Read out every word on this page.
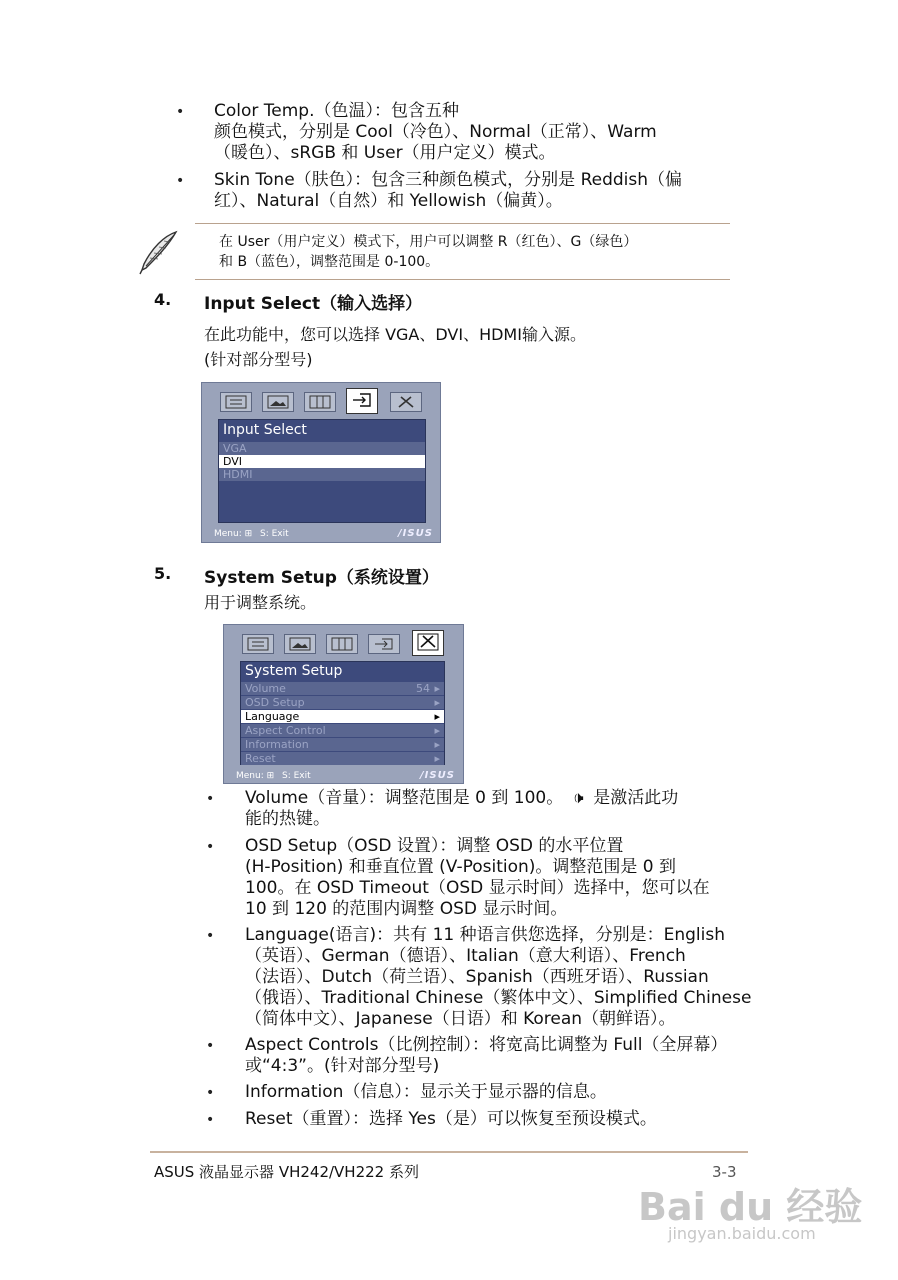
• Color Temp.（色温）：包含五种
颜色模式，分别是 Cool（冷色）、Normal（正常）、Warm
（暖色）、sRGB 和 User（用户定义）模式。
• Skin Tone（肤色）：包含三种颜色模式，分别是 Reddish（偏
红）、Natural（自然）和 Yellowish（偏黄）。
在 User（用户定义）模式下，用户可以调整 R（红色）、G（绿色）
和 B（蓝色），调整范围是 0-100。
4. Input Select（输入选择）
在此功能中，您可以选择 VGA、DVI、HDMI输入源。
(针对部分型号)
Input Select
VGA
DVI
HDMI
Menu: ⊞ S: Exit	/ISUS
5. System Setup（系统设置）
用于调整系统。
System Setup
Volume	54 ▸
OSD Setup	▸
Language	▸
Aspect Control	▸
Information	▸
Reset	▸
Menu: ⊞ S: Exit	/ISUS
• Volume（音量）：调整范围是 0 到 100。 🕩 是激活此功
能的热键。
• OSD Setup（OSD 设置）：调整 OSD 的水平位置
(H-Position) 和垂直位置 (V-Position)。调整范围是 0 到
100。在 OSD Timeout（OSD 显示时间）选择中，您可以在
10 到 120 的范围内调整 OSD 显示时间。
• Language(语言)：共有 11 种语言供您选择，分别是：English
（英语）、German（德语）、Italian（意大利语）、French
（法语）、Dutch（荷兰语）、Spanish（西班牙语）、Russian
（俄语）、Traditional Chinese（繁体中文）、Simplified Chinese
（简体中文）、Japanese（日语）和 Korean（朝鲜语）。
• Aspect Controls（比例控制）：将宽高比调整为 Full（全屏幕）
或“4:3”。(针对部分型号)
• Information（信息）：显示关于显示器的信息。
• Reset（重置）：选择 Yes（是）可以恢复至预设模式。
ASUS 液晶显示器 VH242/VH222 系列	3-3
Bai du 经验
jingyan.baidu.com
